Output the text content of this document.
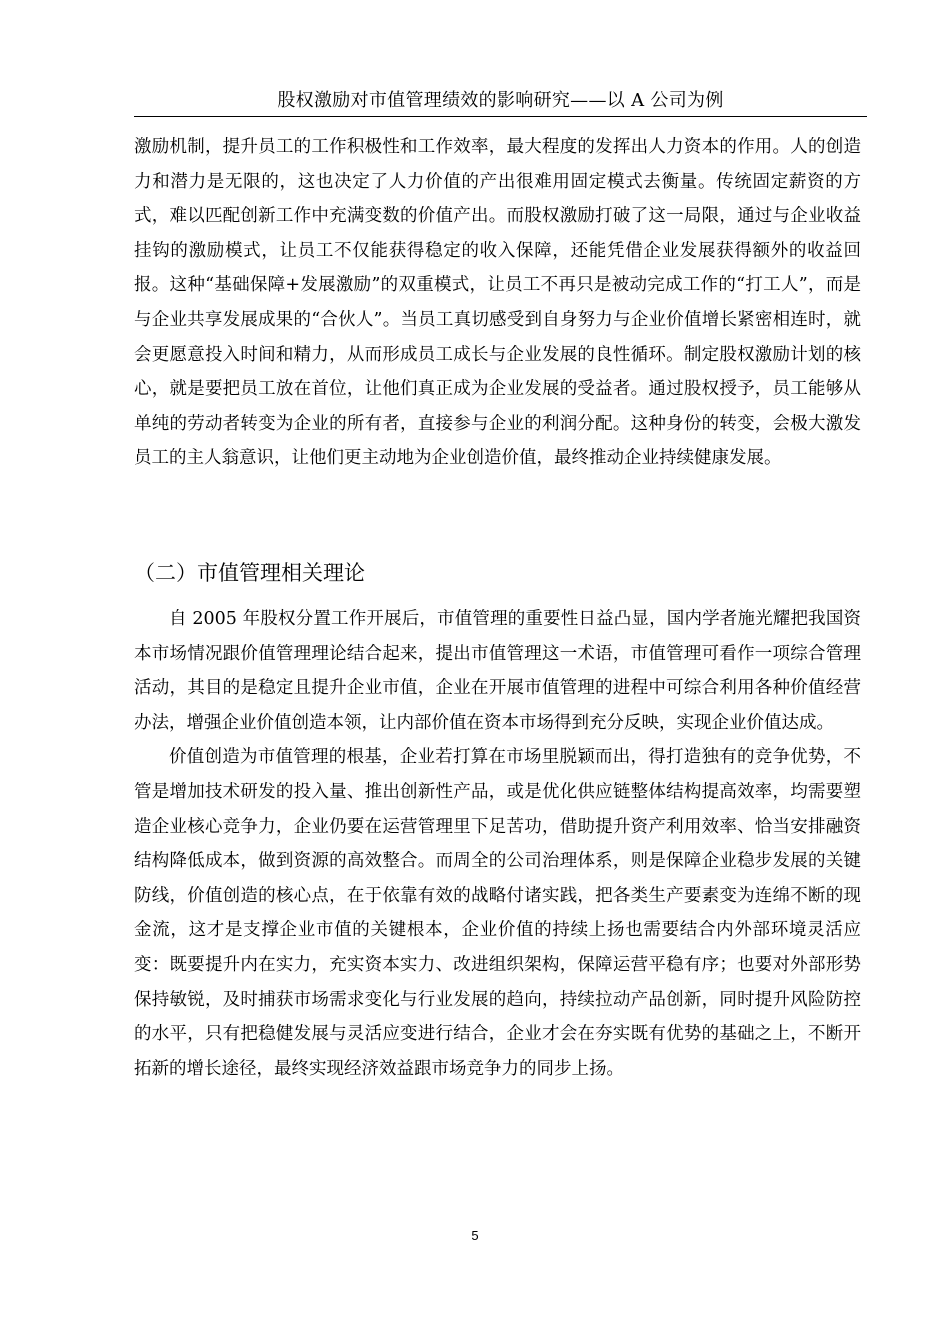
股权激励对市值管理绩效的影响研究——以 A 公司为例

激励机制，提升员工的工作积极性和工作效率，最大程度的发挥出人力资本的作用。人的创造力和潜力是无限的，这也决定了人力价值的产出很难用固定模式去衡量。传统固定薪资的方式，难以匹配创新工作中充满变数的价值产出。而股权激励打破了这一局限，通过与企业收益挂钩的激励模式，让员工不仅能获得稳定的收入保障，还能凭借企业发展获得额外的收益回报。这种“基础保障+发展激励”的双重模式，让员工不再只是被动完成工作的“打工人”，而是与企业共享发展成果的“合伙人”。当员工真切感受到自身努力与企业价值增长紧密相连时，就会更愿意投入时间和精力，从而形成员工成长与企业发展的良性循环。制定股权激励计划的核心，就是要把员工放在首位，让他们真正成为企业发展的受益者。通过股权授予，员工能够从单纯的劳动者转变为企业的所有者，直接参与企业的利润分配。这种身份的转变，会极大激发员工的主人翁意识，让他们更主动地为企业创造价值，最终推动企业持续健康发展。

（二）市值管理相关理论

自 2005 年股权分置工作开展后，市值管理的重要性日益凸显，国内学者施光耀把我国资本市场情况跟价值管理理论结合起来，提出市值管理这一术语，市值管理可看作一项综合管理活动，其目的是稳定且提升企业市值，企业在开展市值管理的进程中可综合利用各种价值经营办法，增强企业价值创造本领，让内部价值在资本市场得到充分反映，实现企业价值达成。

价值创造为市值管理的根基，企业若打算在市场里脱颖而出，得打造独有的竞争优势，不管是增加技术研发的投入量、推出创新性产品，或是优化供应链整体结构提高效率，均需要塑造企业核心竞争力，企业仍要在运营管理里下足苦功，借助提升资产利用效率、恰当安排融资结构降低成本，做到资源的高效整合。而周全的公司治理体系，则是保障企业稳步发展的关键防线，价值创造的核心点，在于依靠有效的战略付诸实践，把各类生产要素变为连绵不断的现金流，这才是支撑企业市值的关键根本，企业价值的持续上扬也需要结合内外部环境灵活应变：既要提升内在实力，充实资本实力、改进组织架构，保障运营平稳有序；也要对外部形势保持敏锐，及时捕获市场需求变化与行业发展的趋向，持续拉动产品创新，同时提升风险防控的水平，只有把稳健发展与灵活应变进行结合，企业才会在夯实既有优势的基础之上，不断开拓新的增长途径，最终实现经济效益跟市场竞争力的同步上扬。

5
